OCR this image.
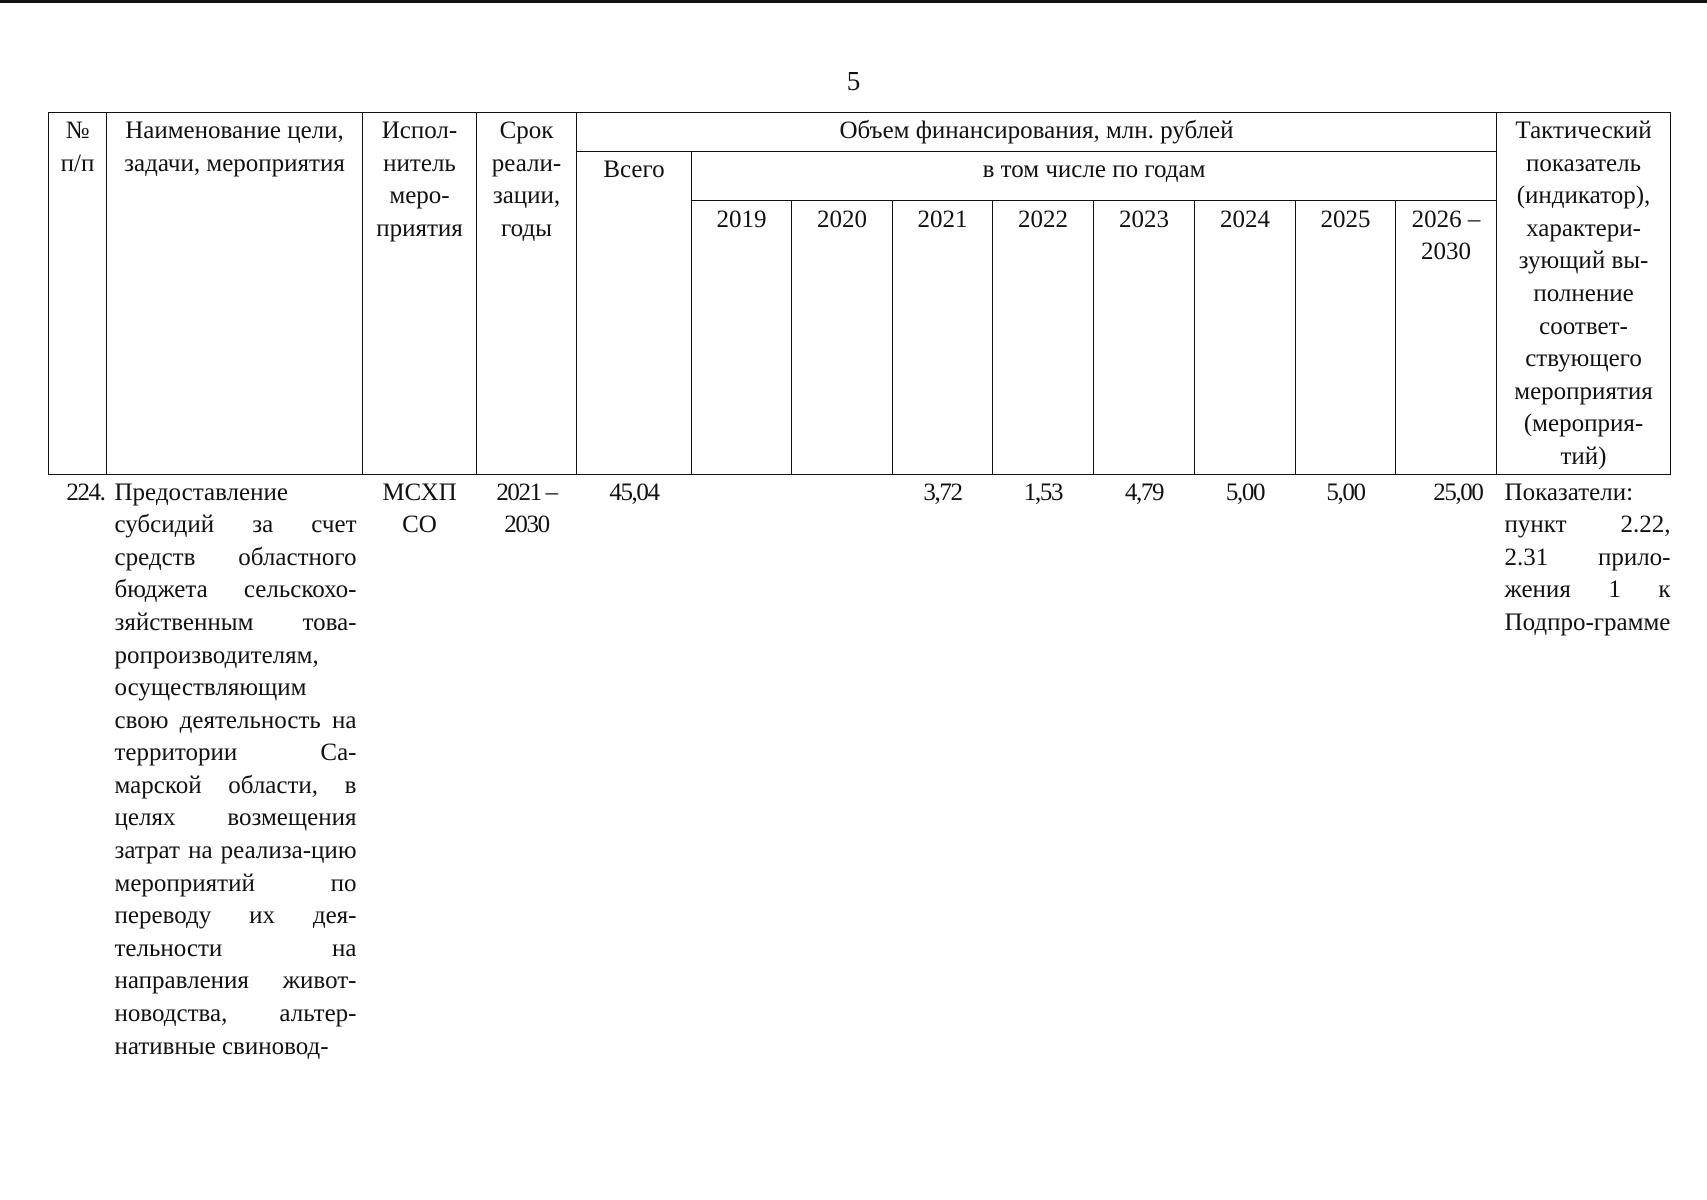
5
№ п/п	Наименование цели, задачи, мероприятия	Испол-нитель меро-приятия	Срок реали-зации, годы	Объем финансирования, млн. рублей									Тактический показатель (индикатор), характери-зующий вы-полнение соответ-ствующего мероприятия (мероприя-тий)
				Всего	в том числе по годам								
					2019	2020	2021	2022	2023	2024	2025	2026 – 2030	
224.	Предоставление субсидий за счет средств областного бюджета сельскохо-зяйственным това-ропроизводителям, осуществляющим свою деятельность на территории Са-марской области, в целях возмещения затрат на реализа-цию мероприятий по переводу их дея-тельности на направления живот-новодства, альтер-нативные свиновод-	МСХП СО	2021 – 2030	45,04			3,72	1,53	4,79	5,00	5,00	25,00	Показатели: пункт 2.22, 2.31 прило-жения 1 к Подпро-грамме
